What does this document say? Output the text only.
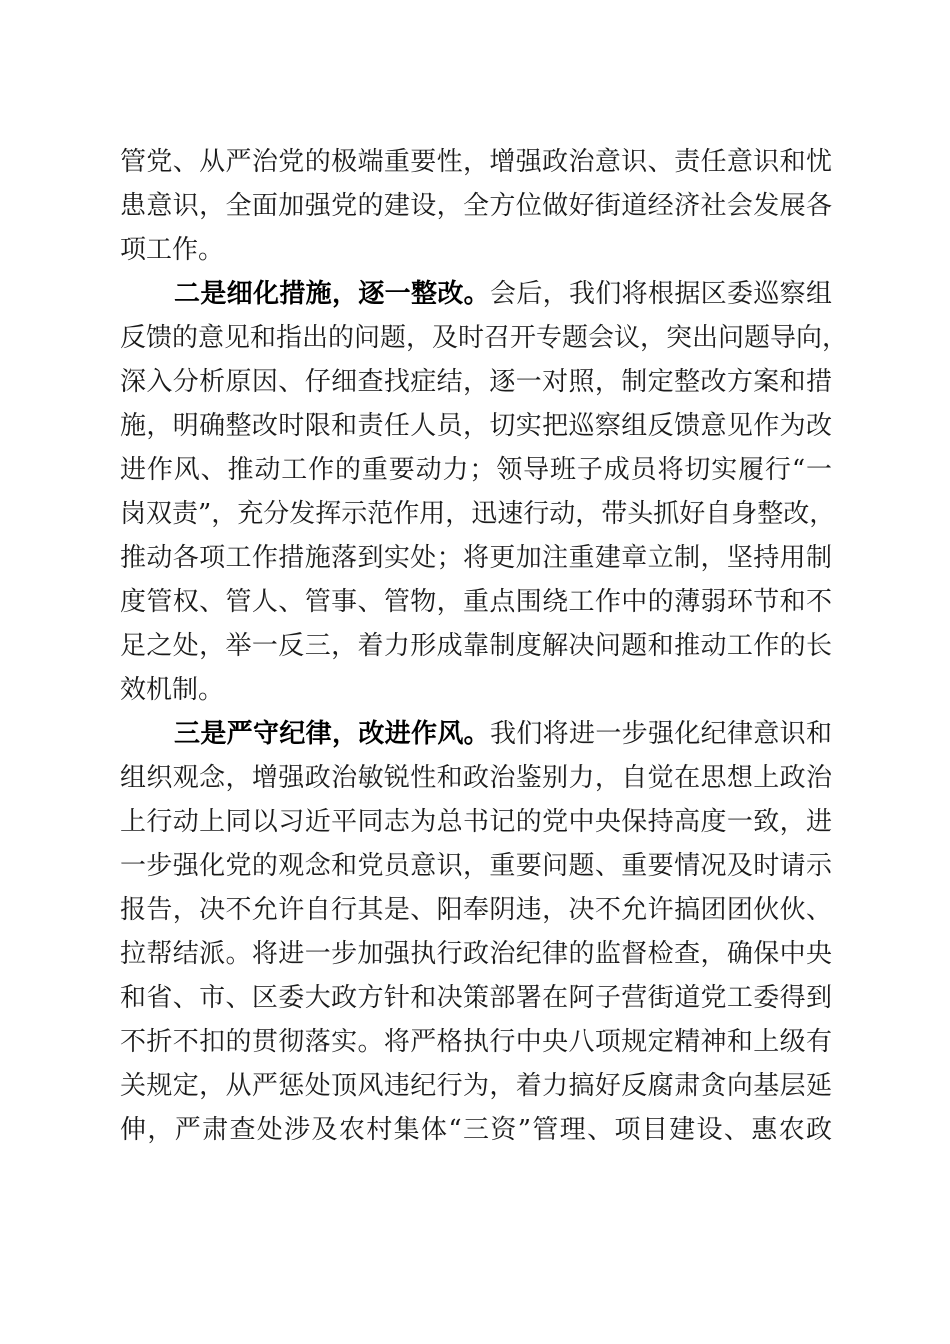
管党、从严治党的极端重要性，增强政治意识、责任意识和忧
患意识，全面加强党的建设，全方位做好街道经济社会发展各
项工作。
二是细化措施，逐一整改。会后，我们将根据区委巡察组
反馈的意见和指出的问题，及时召开专题会议，突出问题导向，
深入分析原因、仔细查找症结，逐一对照，制定整改方案和措
施，明确整改时限和责任人员，切实把巡察组反馈意见作为改
进作风、推动工作的重要动力；领导班子成员将切实履行“一
岗双责”，充分发挥示范作用，迅速行动，带头抓好自身整改，
推动各项工作措施落到实处；将更加注重建章立制，坚持用制
度管权、管人、管事、管物，重点围绕工作中的薄弱环节和不
足之处，举一反三，着力形成靠制度解决问题和推动工作的长
效机制。
三是严守纪律，改进作风。我们将进一步强化纪律意识和
组织观念，增强政治敏锐性和政治鉴别力，自觉在思想上政治
上行动上同以习近平同志为总书记的党中央保持高度一致，进
一步强化党的观念和党员意识，重要问题、重要情况及时请示
报告，决不允许自行其是、阳奉阴违，决不允许搞团团伙伙、
拉帮结派。将进一步加强执行政治纪律的监督检查，确保中央
和省、市、区委大政方针和决策部署在阿子营街道党工委得到
不折不扣的贯彻落实。将严格执行中央八项规定精神和上级有
关规定，从严惩处顶风违纪行为，着力搞好反腐肃贪向基层延
伸，严肃查处涉及农村集体“三资”管理、项目建设、惠农政
